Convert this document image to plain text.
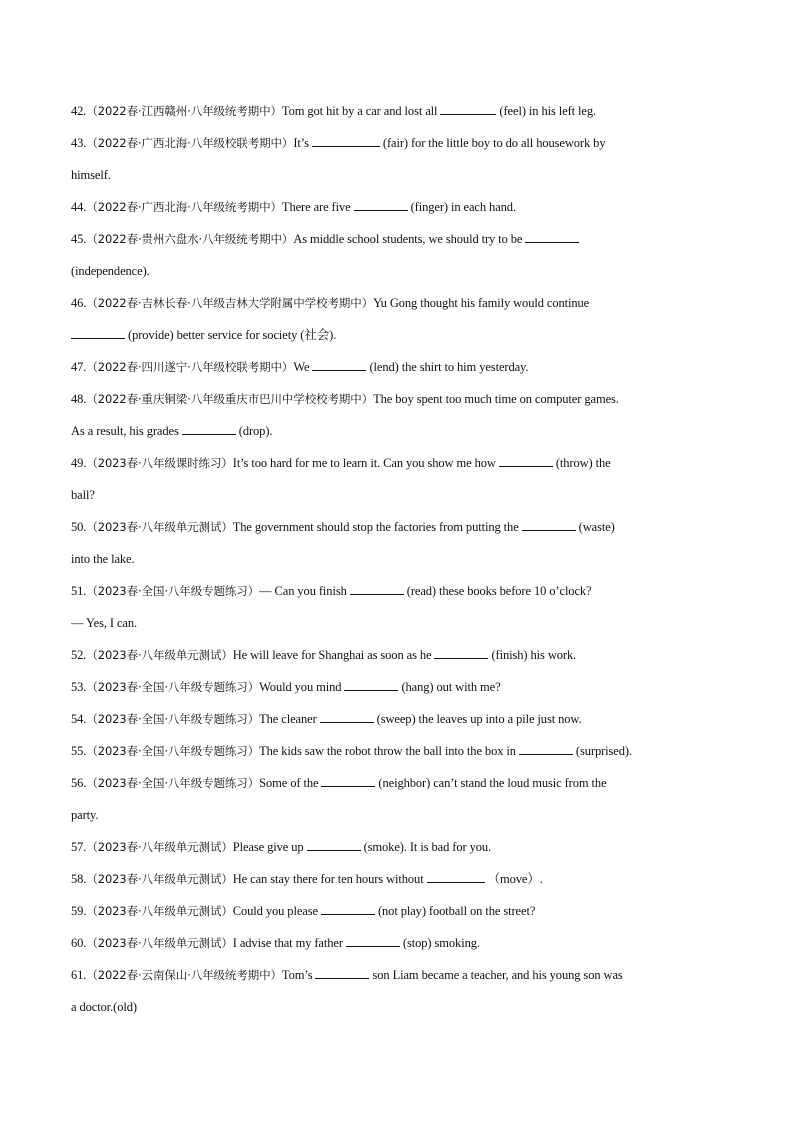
42.（2022春·江西赣州·八年级统考期中）Tom got hit by a car and lost all	(feel) in his left leg.
43.（2022春·广西北海·八年级校联考期中）It’s	(fair) for the little boy to do all housework by
himself.
44.（2022春·广西北海·八年级统考期中）There are five	(finger) in each hand.
45.（2022春·贵州六盘水·八年级统考期中）As middle school students, we should try to be
(independence).
46.（2022春·吉林长春·八年级吉林大学附属中学校考期中）Yu Gong thought his family would continue
(provide) better service for society (社会).
47.（2022春·四川遂宁·八年级校联考期中）We	(lend) the shirt to him yesterday.
48.（2022春·重庆铜梁·八年级重庆市巴川中学校校考期中）The boy spent too much time on computer games.
As a result, his grades	(drop).
49.（2023春·八年级课时练习）It’s too hard for me to learn it. Can you show me how	(throw) the
ball?
50.（2023春·八年级单元测试）The government should stop the factories from putting the	(waste)
into the lake.
51.（2023春·全国·八年级专题练习）— Can you finish	(read) these books before 10 o’clock?
— Yes, I can.
52.（2023春·八年级单元测试）He will leave for Shanghai as soon as he	(finish) his work.
53.（2023春·全国·八年级专题练习）Would you mind	(hang) out with me?
54.（2023春·全国·八年级专题练习）The cleaner	(sweep) the leaves up into a pile just now.
55.（2023春·全国·八年级专题练习）The kids saw the robot throw the ball into the box in	(surprised).
56.（2023春·全国·八年级专题练习）Some of the	(neighbor) can’t stand the loud music from the
party.
57.（2023春·八年级单元测试）Please give up	(smoke). It is bad for you.
58.（2023春·八年级单元测试）He can stay there for ten hours without	（move）.
59.（2023春·八年级单元测试）Could you please	(not play) football on the street?
60.（2023春·八年级单元测试）I advise that my father	(stop) smoking.
61.（2022春·云南保山·八年级统考期中）Tom’s	son Liam became a teacher, and his young son was
a doctor.(old)
